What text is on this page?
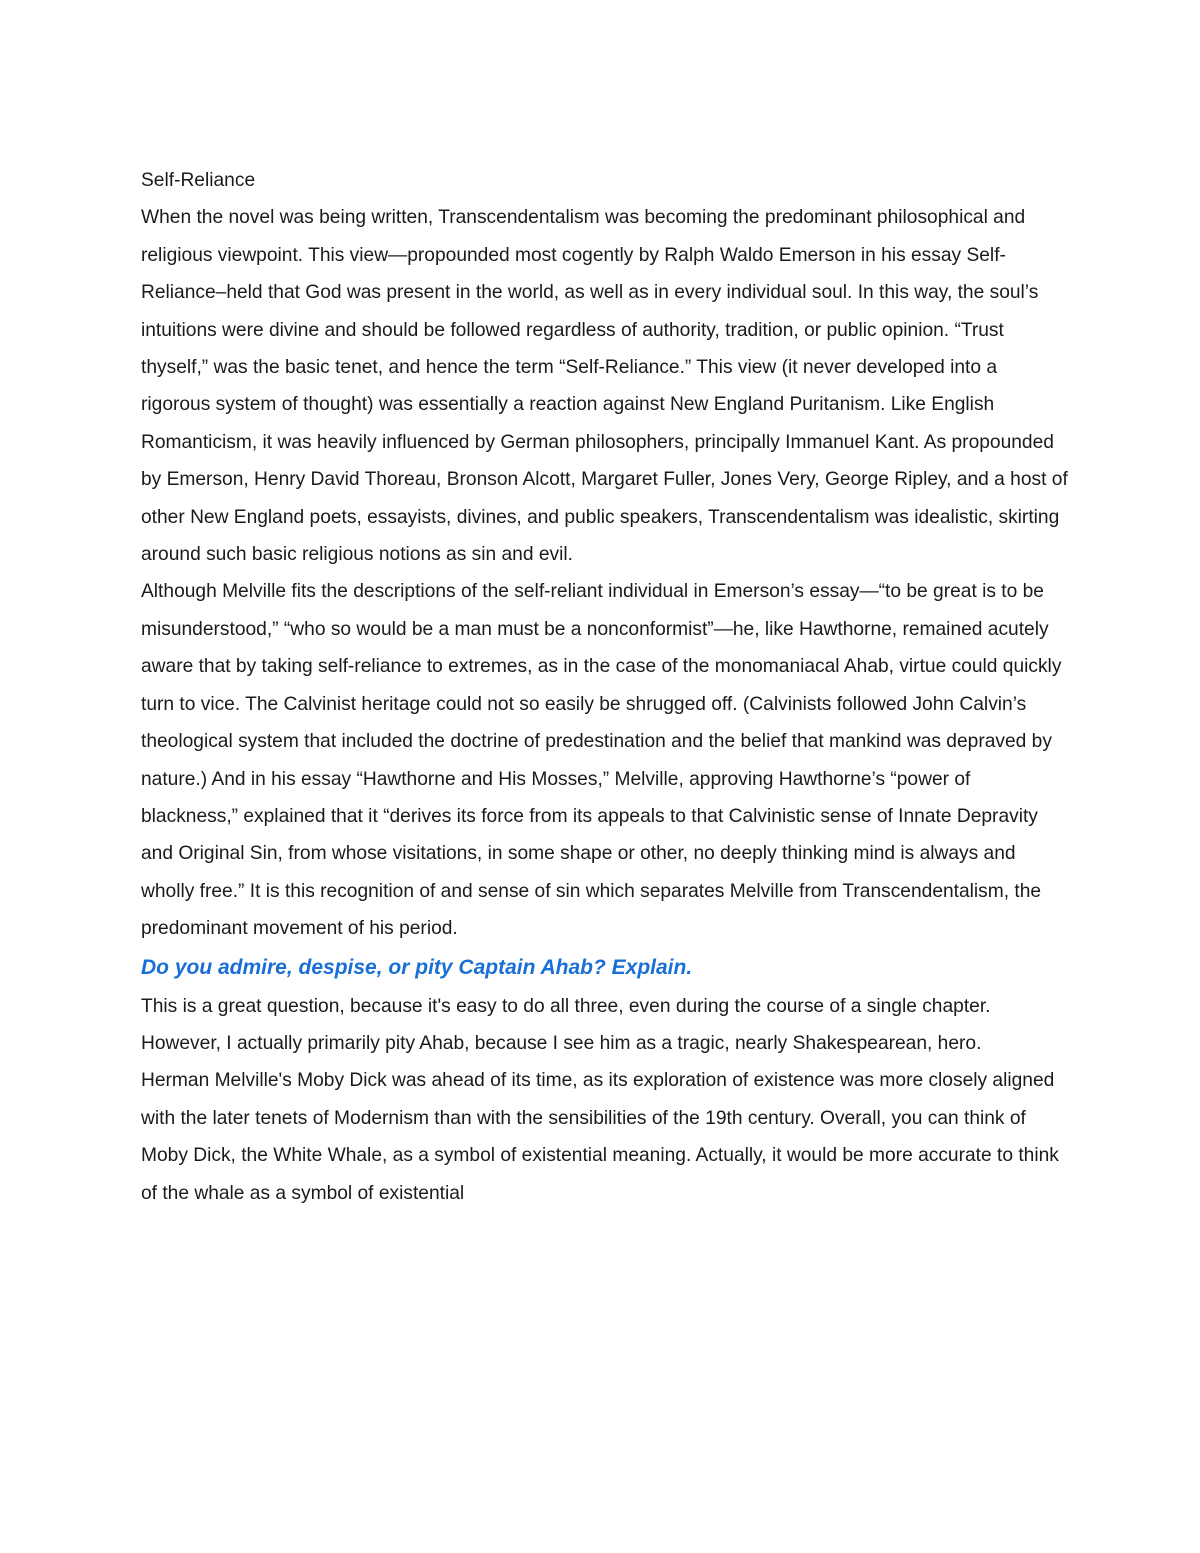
Self-Reliance

When the novel was being written, Transcendentalism was becoming the predominant philosophical and religious viewpoint. This view—propounded most cogently by Ralph Waldo Emerson in his essay Self-Reliance–held that God was present in the world, as well as in every individual soul. In this way, the soul’s intuitions were divine and should be followed regardless of authority, tradition, or public opinion. “Trust thyself,” was the basic tenet, and hence the term “Self-Reliance.” This view (it never developed into a rigorous system of thought) was essentially a reaction against New England Puritanism. Like English Romanticism, it was heavily influenced by German philosophers, principally Immanuel Kant. As propounded by Emerson, Henry David Thoreau, Bronson Alcott, Margaret Fuller, Jones Very, George Ripley, and a host of other New England poets, essayists, divines, and public speakers, Transcendentalism was idealistic, skirting around such basic religious notions as sin and evil.

Although Melville fits the descriptions of the self-reliant individual in Emerson’s essay—“to be great is to be misunderstood,” “who so would be a man must be a nonconformist”—he, like Hawthorne, remained acutely aware that by taking self-reliance to extremes, as in the case of the monomaniacal Ahab, virtue could quickly turn to vice. The Calvinist heritage could not so easily be shrugged off. (Calvinists followed John Calvin’s theological system that included the doctrine of predestination and the belief that mankind was depraved by nature.) And in his essay “Hawthorne and His Mosses,” Melville, approving Hawthorne’s “power of blackness,” explained that it “derives its force from its appeals to that Calvinistic sense of Innate Depravity and Original Sin, from whose visitations, in some shape or other, no deeply thinking mind is always and wholly free.” It is this recognition of and sense of sin which separates Melville from Transcendentalism, the predominant movement of his period.

Do you admire, despise, or pity Captain Ahab? Explain.

This is a great question, because it's easy to do all three, even during the course of a single chapter. However, I actually primarily pity Ahab, because I see him as a tragic, nearly Shakespearean, hero.

Herman Melville's Moby Dick was ahead of its time, as its exploration of existence was more closely aligned with the later tenets of Modernism than with the sensibilities of the 19th century. Overall, you can think of Moby Dick, the White Whale, as a symbol of existential meaning. Actually, it would be more accurate to think of the whale as a symbol of existential
